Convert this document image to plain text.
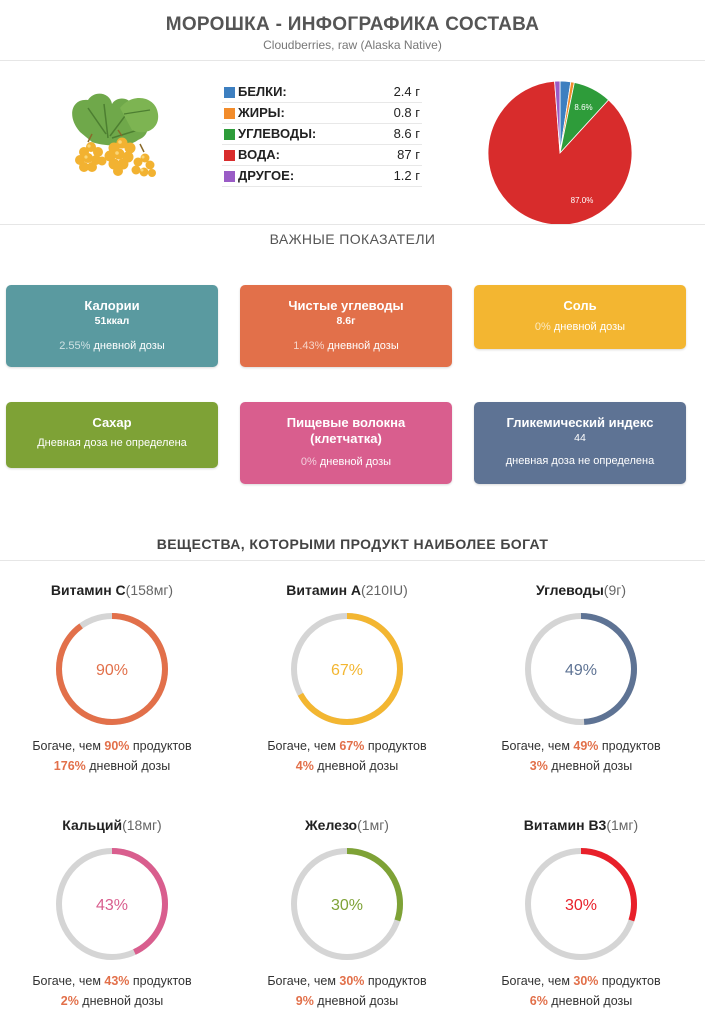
МОРОШКА - ИНФОГРАФИКА СОСТАВА
Cloudberries, raw (Alaska Native)
БЕЛКИ:	2.4 г
ЖИРЫ:	0.8 г
УГЛЕВОДЫ:	8.6 г
ВОДА:	87 г
ДРУГОЕ:	1.2 г
8.6%
87.0%
ВАЖНЫЕ ПОКАЗАТЕЛИ
Калории
51ккал
2.55% дневной дозы
Чистые углеводы
8.6г
1.43% дневной дозы
Соль
0% дневной дозы
Сахар
Дневная доза не определена
Пищевые волокна (клетчатка)
0% дневной дозы
Гликемический индекс
44
дневная доза не определена
ВЕЩЕСТВА, КОТОРЫМИ ПРОДУКТ НАИБОЛЕЕ БОГАТ
Витамин С(158мг)
90%
Богаче, чем 90% продуктов
176% дневной дозы
Витамин А(210IU)
67%
Богаче, чем 67% продуктов
4% дневной дозы
Углеводы(9г)
49%
Богаче, чем 49% продуктов
3% дневной дозы
Кальций(18мг)
43%
Богаче, чем 43% продуктов
2% дневной дозы
Железо(1мг)
30%
Богаче, чем 30% продуктов
9% дневной дозы
Витамин B3(1мг)
30%
Богаче, чем 30% продуктов
6% дневной дозы
